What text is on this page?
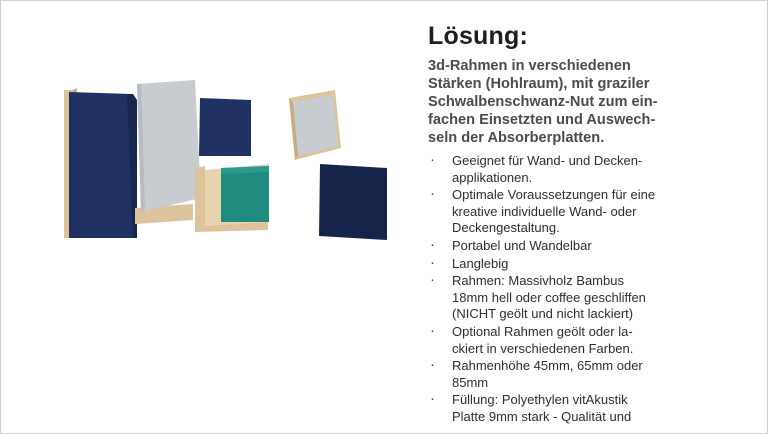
Lösung:
3d-Rahmen in verschiedenen
Stärken (Hohlraum), mit graziler
Schwalbenschwanz-Nut zum ein-
fachen Einsetzten und Auswech-
seln der Absorberplatten.
· Geeignet für Wand- und Decken-
applikationen.
· Optimale Voraussetzungen für eine
kreative individuelle Wand- oder
Deckengestaltung.
· Portabel und Wandelbar
· Langlebig
· Rahmen: Massivholz Bambus
18mm hell oder coffee geschliffen
(NICHT geölt und nicht lackiert)
· Optional Rahmen geölt oder la-
ckiert in verschiedenen Farben.
· Rahmenhöhe 45mm, 65mm oder
85mm
· Füllung: Polyethylen vitAkustik
Platte 9mm stark - Qualität und
